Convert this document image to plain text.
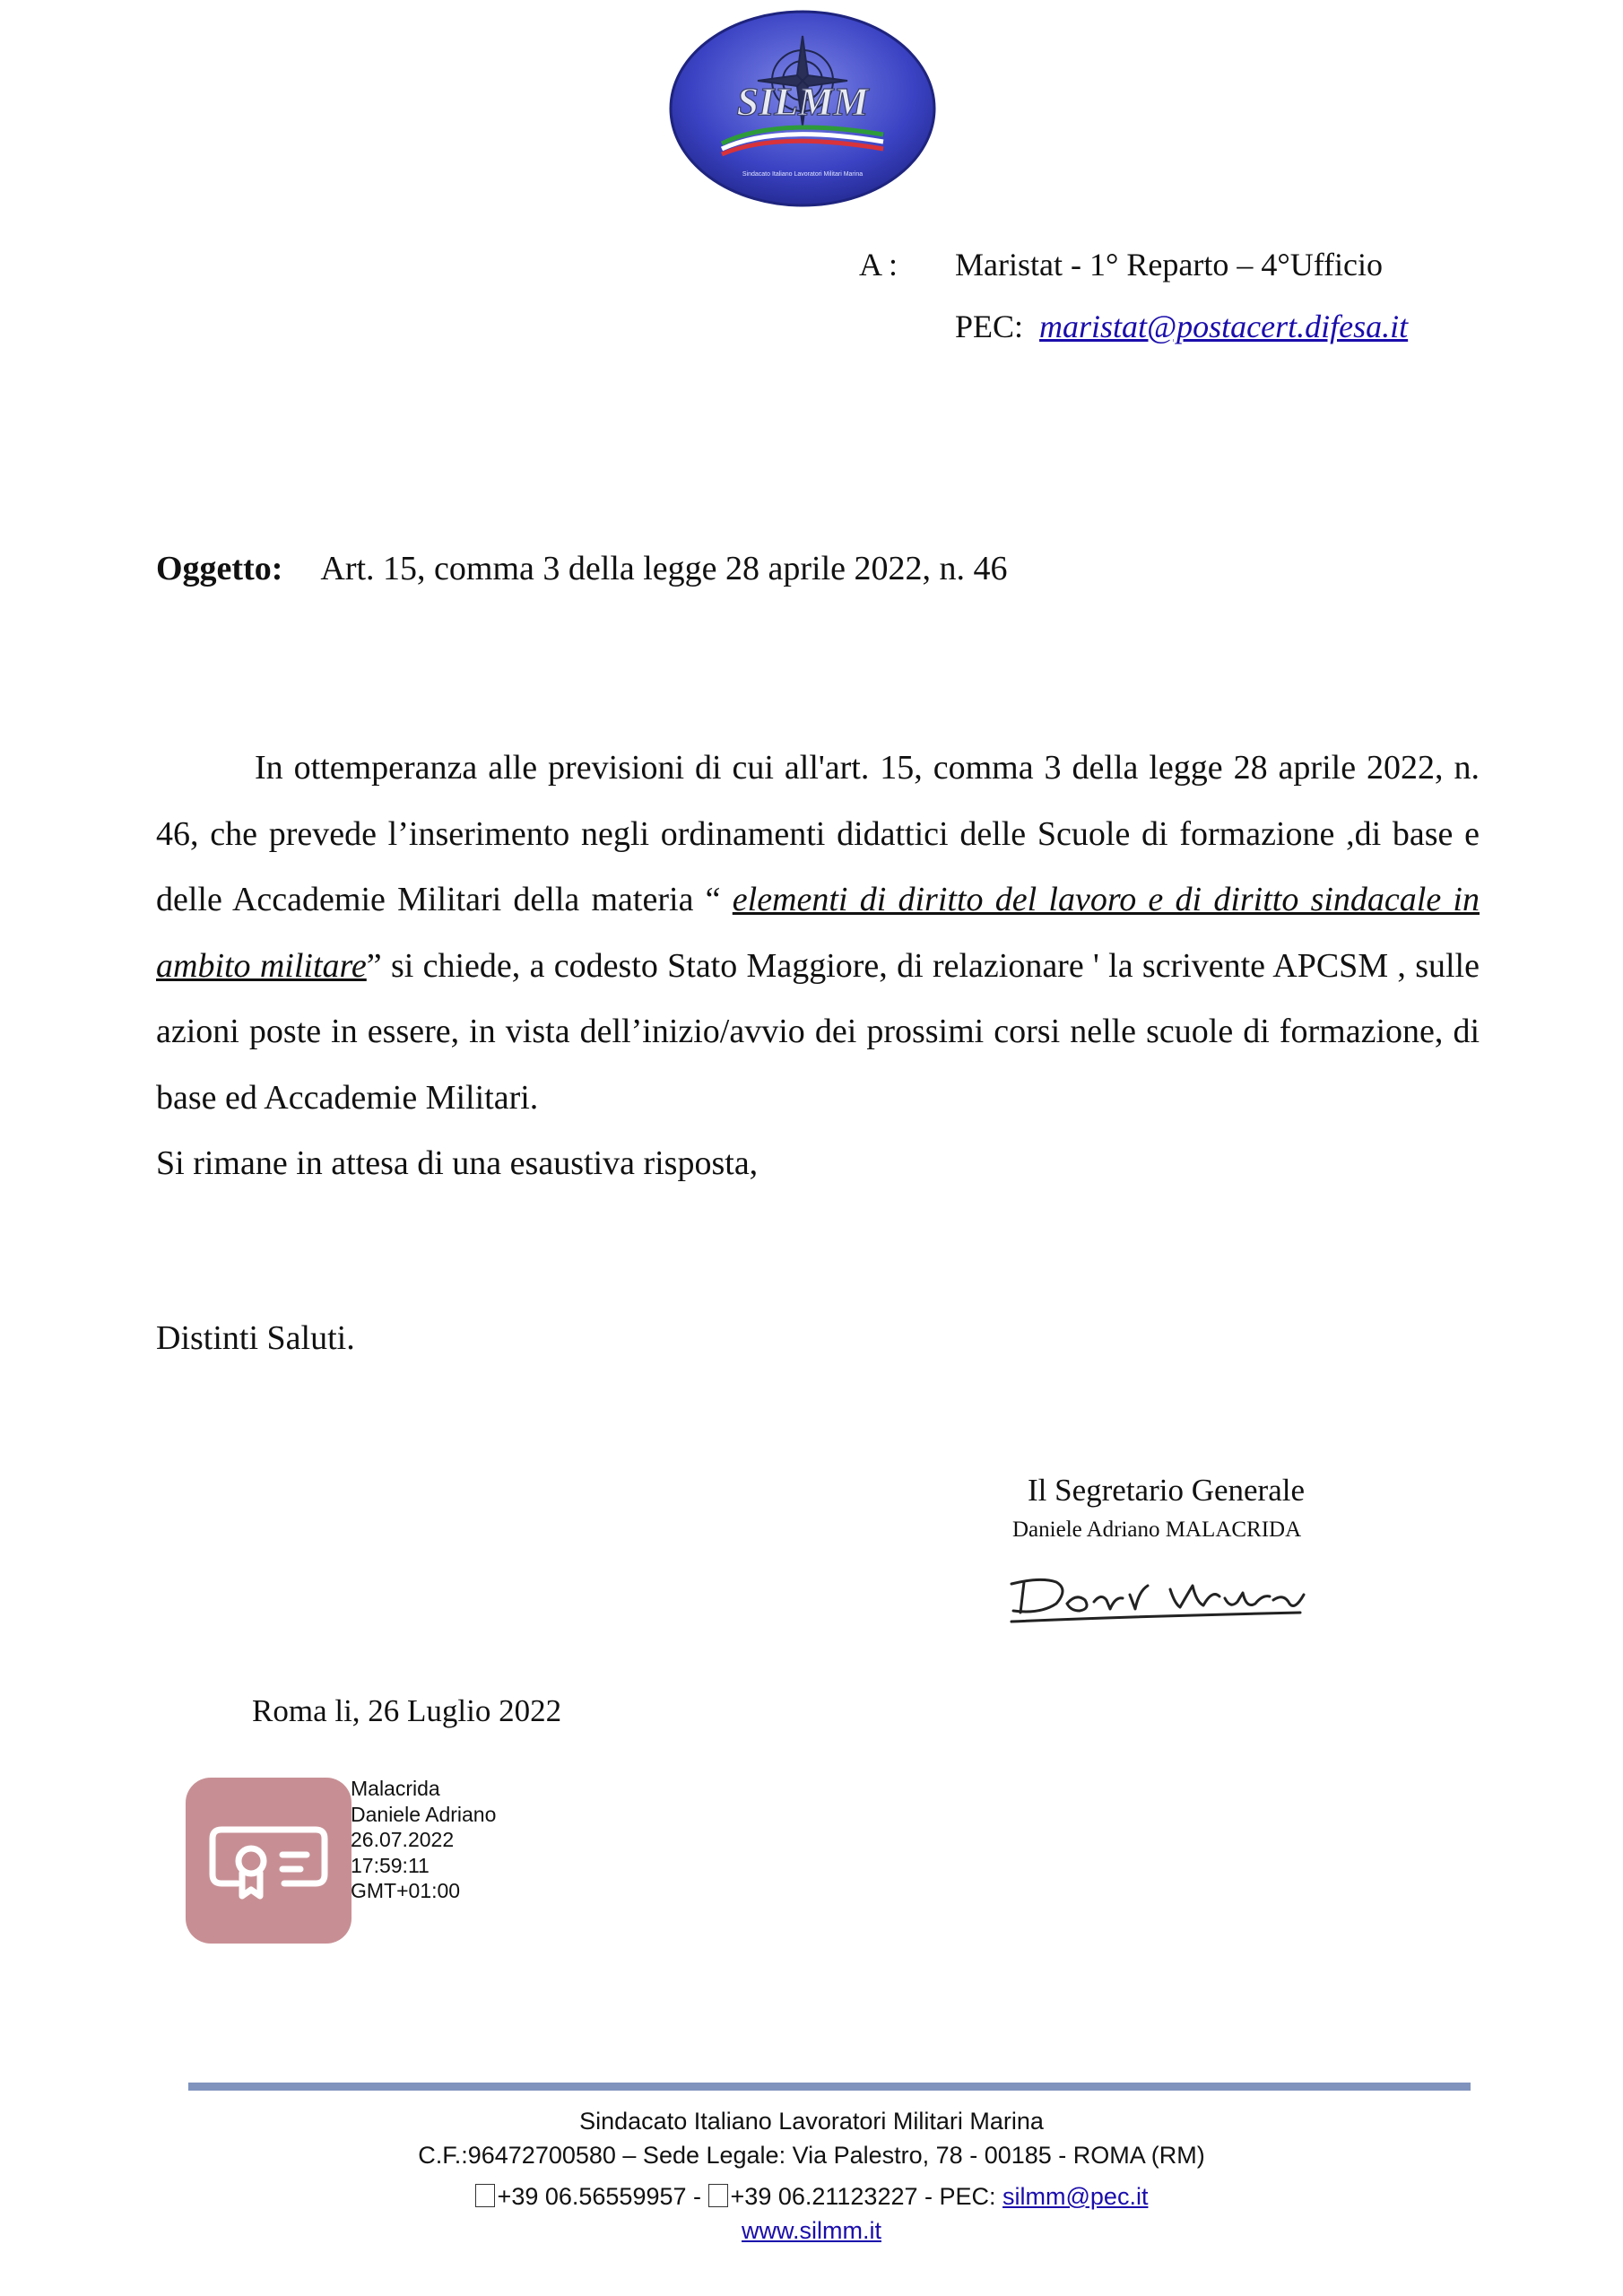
SILMM
Sindacato Italiano Lavoratori Militari Marina
A : Maristat - 1° Reparto – 4°Ufficio
PEC: maristat@postacert.difesa.it
Oggetto: Art. 15, comma 3 della legge 28 aprile 2022, n. 46

In ottemperanza alle previsioni di cui all'art. 15, comma 3 della legge 28 aprile 2022, n. 46, che prevede l’inserimento negli ordinamenti didattici delle Scuole di formazione ,di base e delle Accademie Militari della materia “ elementi di diritto del lavoro e di diritto sindacale in ambito militare” si chiede, a codesto Stato Maggiore, di relazionare ' la scrivente APCSM , sulle azioni poste in essere, in vista dell’inizio/avvio dei prossimi corsi nelle scuole di formazione, di base ed Accademie Militari.

Si rimane in attesa di una esaustiva risposta,

Distinti Saluti.
Il Segretario Generale
Daniele Adriano MALACRIDA
Roma li, 26 Luglio 2022
Malacrida
Daniele Adriano
26.07.2022
17:59:11
GMT+01:00
Sindacato Italiano Lavoratori Militari Marina
C.F.:96472700580 – Sede Legale: Via Palestro, 78 - 00185 - ROMA (RM)
+39 06.56559957 - +39 06.21123227 - PEC: silmm@pec.it
www.silmm.it
